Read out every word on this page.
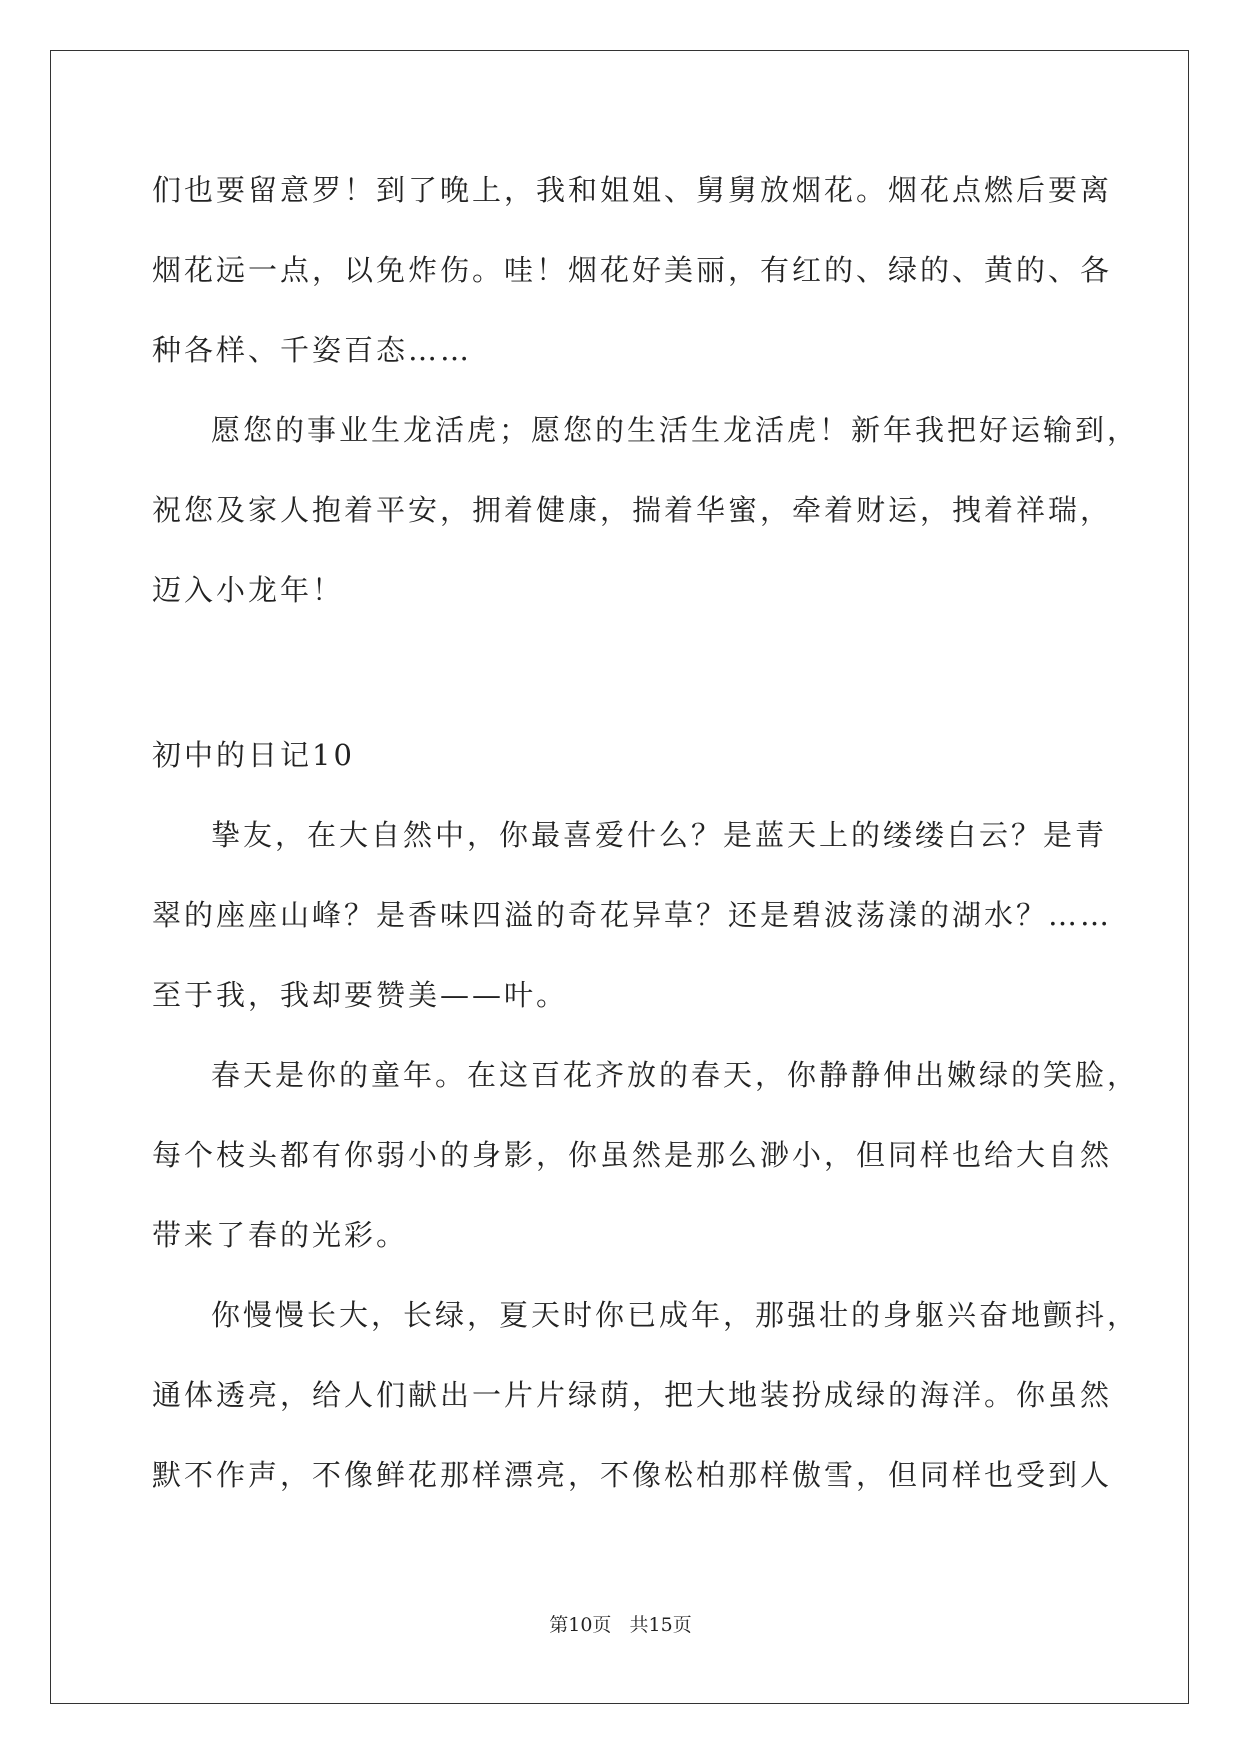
们也要留意罗！到了晚上，我和姐姐、舅舅放烟花。烟花点燃后要离

烟花远一点，以免炸伤。哇！烟花好美丽，有红的、绿的、黄的、各

种各样、千姿百态……

愿您的事业生龙活虎；愿您的生活生龙活虎！新年我把好运输到，

祝您及家人抱着平安，拥着健康，揣着华蜜，牵着财运，拽着祥瑞，

迈入小龙年！

初中的日记10

挚友，在大自然中，你最喜爱什么？是蓝天上的缕缕白云？是青

翠的座座山峰？是香味四溢的奇花异草？还是碧波荡漾的湖水？……

至于我，我却要赞美——叶。

春天是你的童年。在这百花齐放的春天，你静静伸出嫩绿的笑脸，

每个枝头都有你弱小的身影，你虽然是那么渺小，但同样也给大自然

带来了春的光彩。

你慢慢长大，长绿，夏天时你已成年，那强壮的身躯兴奋地颤抖，

通体透亮，给人们献出一片片绿荫，把大地装扮成绿的海洋。你虽然

默不作声，不像鲜花那样漂亮，不像松柏那样傲雪，但同样也受到人

第10页   共15页
